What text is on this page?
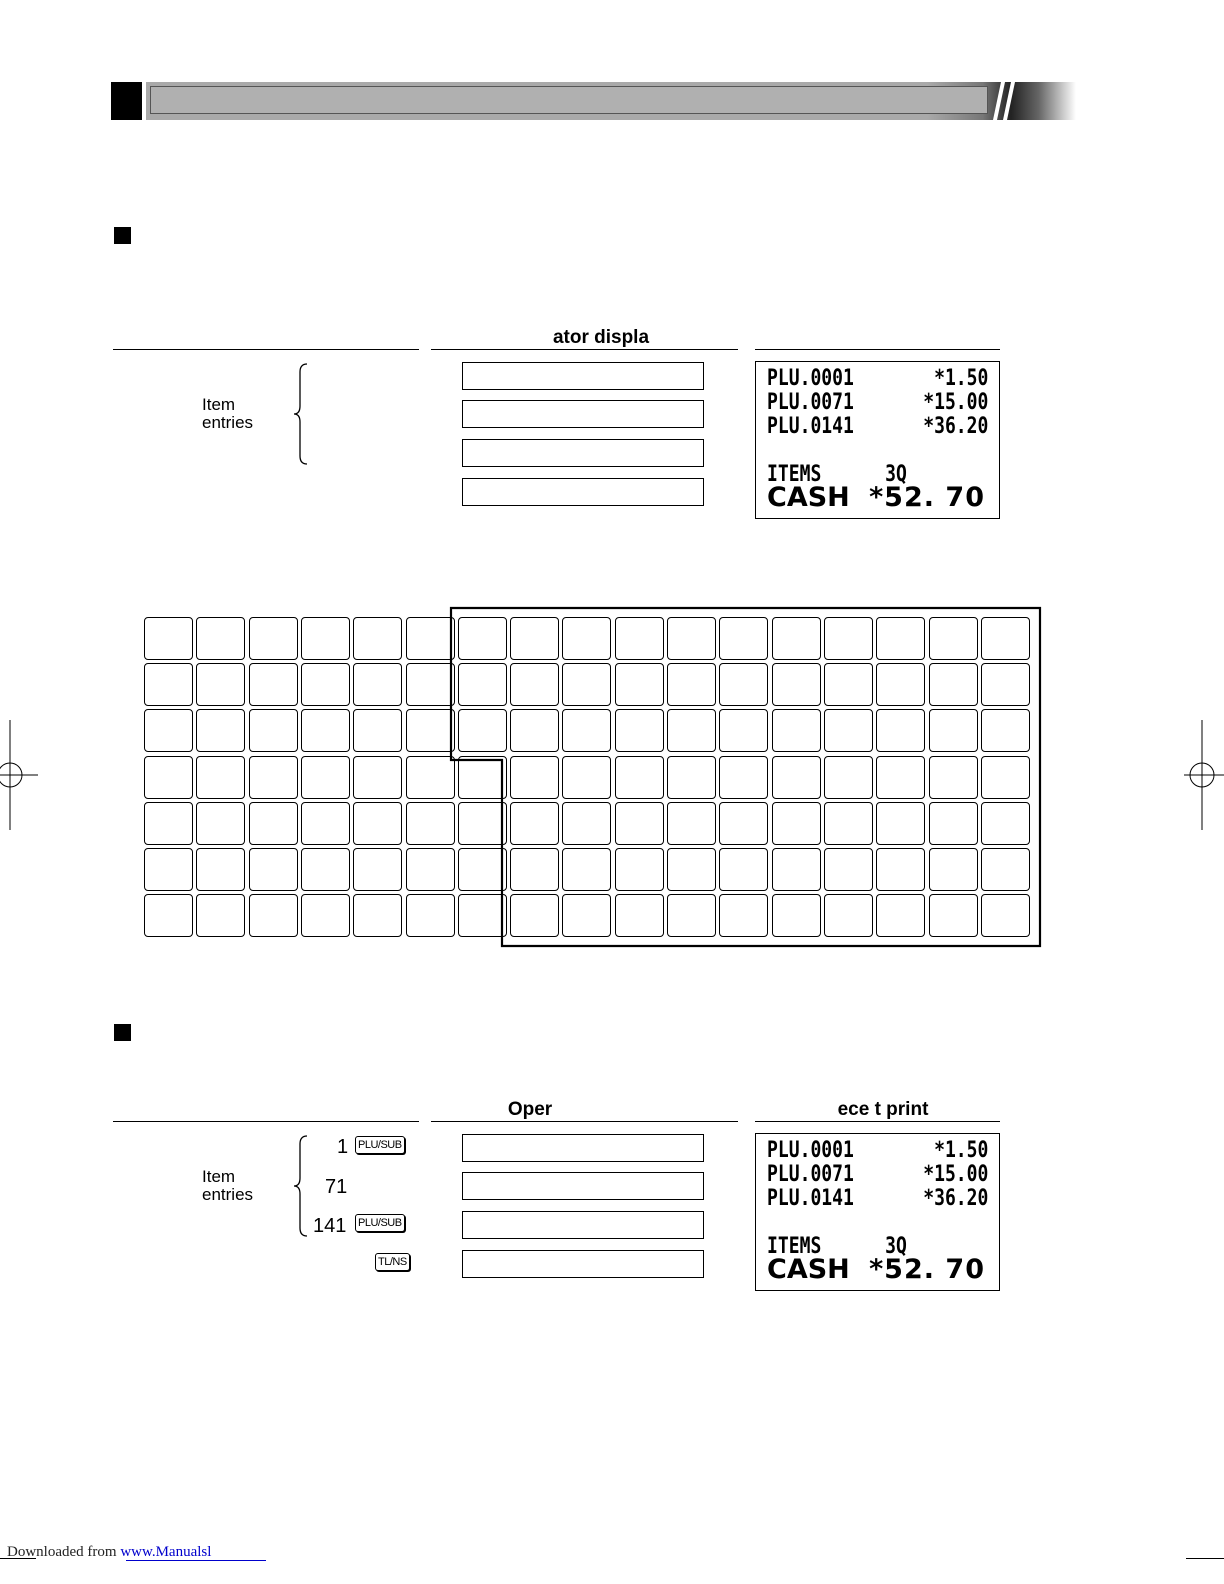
ator displa
Item
entries
PLU.0001	*1.50

PLU.0071	*15.00

PLU.0141	*36.20

ITEMS	3Q

CASH *52. 70
Oper	ece t print
Item
entries
1 PLU/SUB
71
141 PLU/SUB
TL/NS
PLU.0001	*1.50

PLU.0071	*15.00

PLU.0141	*36.20

ITEMS	3Q

CASH *52. 70
Downloaded from www.Manualsl
